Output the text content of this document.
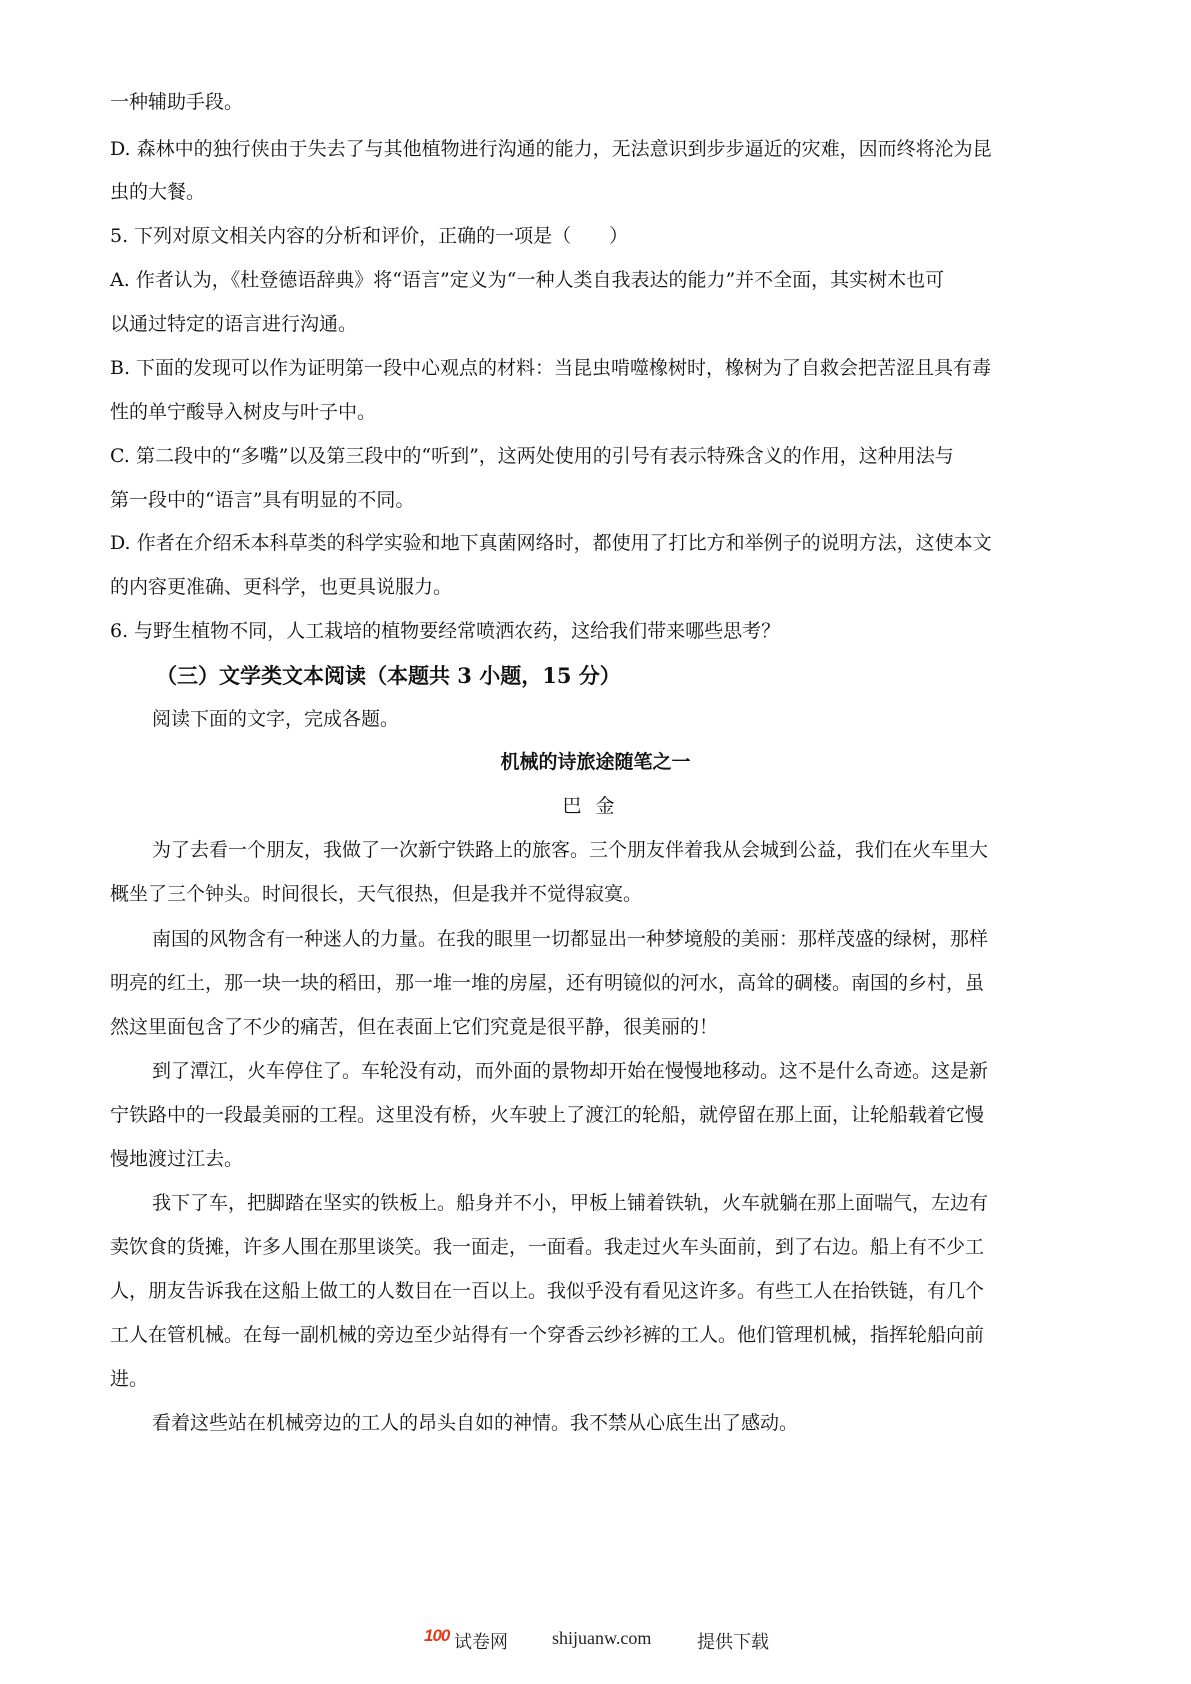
一种辅助手段。
D. 森林中的独行侠由于失去了与其他植物进行沟通的能力，无法意识到步步逼近的灾难，因而终将沦为昆
虫的大餐。
5. 下列对原文相关内容的分析和评价，正确的一项是（　　）
A. 作者认为，《杜登德语辞典》将“语言”定义为“一种人类自我表达的能力”并不全面，其实树木也可
以通过特定的语言进行沟通。
B. 下面的发现可以作为证明第一段中心观点的材料：当昆虫啃噬橡树时，橡树为了自救会把苦涩且具有毒
性的单宁酸导入树皮与叶子中。
C. 第二段中的“多嘴”以及第三段中的“听到”，这两处使用的引号有表示特殊含义的作用，这种用法与
第一段中的“语言”具有明显的不同。
D. 作者在介绍禾本科草类的科学实验和地下真菌网络时，都使用了打比方和举例子的说明方法，这使本文
的内容更准确、更科学，也更具说服力。
6. 与野生植物不同，人工栽培的植物要经常喷洒农药，这给我们带来哪些思考？
（三）文学类文本阅读（本题共 3 小题，15 分）
阅读下面的文字，完成各题。
机械的诗旅途随笔之一
巴金
为了去看一个朋友，我做了一次新宁铁路上的旅客。三个朋友伴着我从会城到公益，我们在火车里大
概坐了三个钟头。时间很长，天气很热，但是我并不觉得寂寞。
南国的风物含有一种迷人的力量。在我的眼里一切都显出一种梦境般的美丽：那样茂盛的绿树，那样
明亮的红土，那一块一块的稻田，那一堆一堆的房屋，还有明镜似的河水，高耸的碉楼。南国的乡村，虽
然这里面包含了不少的痛苦，但在表面上它们究竟是很平静，很美丽的！
到了潭江，火车停住了。车轮没有动，而外面的景物却开始在慢慢地移动。这不是什么奇迹。这是新
宁铁路中的一段最美丽的工程。这里没有桥，火车驶上了渡江的轮船，就停留在那上面，让轮船载着它慢
慢地渡过江去。
我下了车，把脚踏在坚实的铁板上。船身并不小，甲板上铺着铁轨，火车就躺在那上面喘气，左边有
卖饮食的货摊，许多人围在那里谈笑。我一面走，一面看。我走过火车头面前，到了右边。船上有不少工
人，朋友告诉我在这船上做工的人数目在一百以上。我似乎没有看见这许多。有些工人在抬铁链，有几个
工人在管机械。在每一副机械的旁边至少站得有一个穿香云纱衫裤的工人。他们管理机械，指挥轮船向前
进。
看着这些站在机械旁边的工人的昂头自如的神情。我不禁从心底生出了感动。
100 试卷网 shijuanw.com	提供下载
